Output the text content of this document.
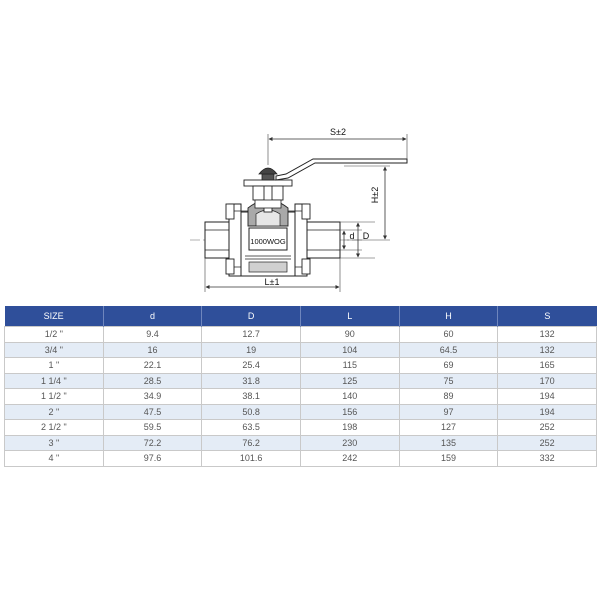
1000WOG
S±2
H±2
d D
L±1
SIZE	d	D	L	H	S
1/2 "	9.4	12.7	90	60	132
3/4 "	16	19	104	64.5	132
1 "	22.1	25.4	115	69	165
1 1/4 "	28.5	31.8	125	75	170
1 1/2 "	34.9	38.1	140	89	194
2 "	47.5	50.8	156	97	194
2 1/2 "	59.5	63.5	198	127	252
3 "	72.2	76.2	230	135	252
4 "	97.6	101.6	242	159	332
